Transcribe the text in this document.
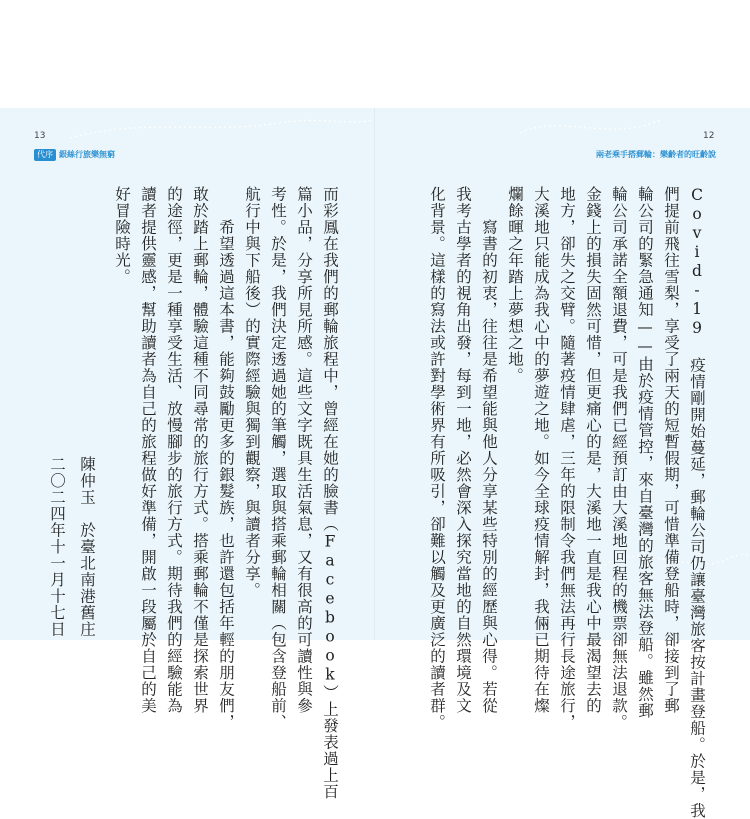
13
代序 銀絲行旅樂無窮
12
兩老乘手搭郵輪：樂齡者的旺齡說
Covid-19 疫情剛開始蔓延，郵輪公司仍讓臺灣旅客按計畫登船。於是，我
們提前飛往雪梨，享受了兩天的短暫假期，可惜準備登船時，卻接到了郵
輪公司的緊急通知——由於疫情管控，來自臺灣的旅客無法登船。雖然郵
輪公司承諾全額退費，可是我們已經預訂由大溪地回程的機票卻無法退款。
金錢上的損失固然可惜，但更痛心的是，大溪地一直是我心中最渴望去的
地方，卻失之交臂。隨著疫情肆虐，三年的限制令我們無法再行長途旅行，
大溪地只能成為我心中的夢遊之地。如今全球疫情解封，我倆已期待在燦
爛餘暉之年踏上夢想之地。
　　寫書的初衷，往往是希望能與他人分享某些特別的經歷與心得。若從
我考古學者的視角出發，每到一地，必然會深入探究當地的自然環境及文
化背景。這樣的寫法或許對學術界有所吸引，卻難以觸及更廣泛的讀者群。
而彩鳳在我們的郵輪旅程中，曾經在她的臉書（Facebook）上發表過上百
篇小品，分享所見所感。這些文字既具生活氣息，又有很高的可讀性與參
考性。於是，我們決定透過她的筆觸，選取與搭乘郵輪相關（包含登船前、
航行中與下船後）的實際經驗與獨到觀察，與讀者分享。
　　希望透過這本書，能夠鼓勵更多的銀髮族，也許還包括年輕的朋友們，
敢於踏上郵輪，體驗這種不同尋常的旅行方式。搭乘郵輪不僅是探索世界
的途徑，更是一種享受生活、放慢腳步的旅行方式。期待我們的經驗能為
讀者提供靈感，幫助讀者為自己的旅程做好準備，開啟一段屬於自己的美
好冒險時光。
陳仲玉　於臺北南港舊庄
二〇二四年十一月十七日
